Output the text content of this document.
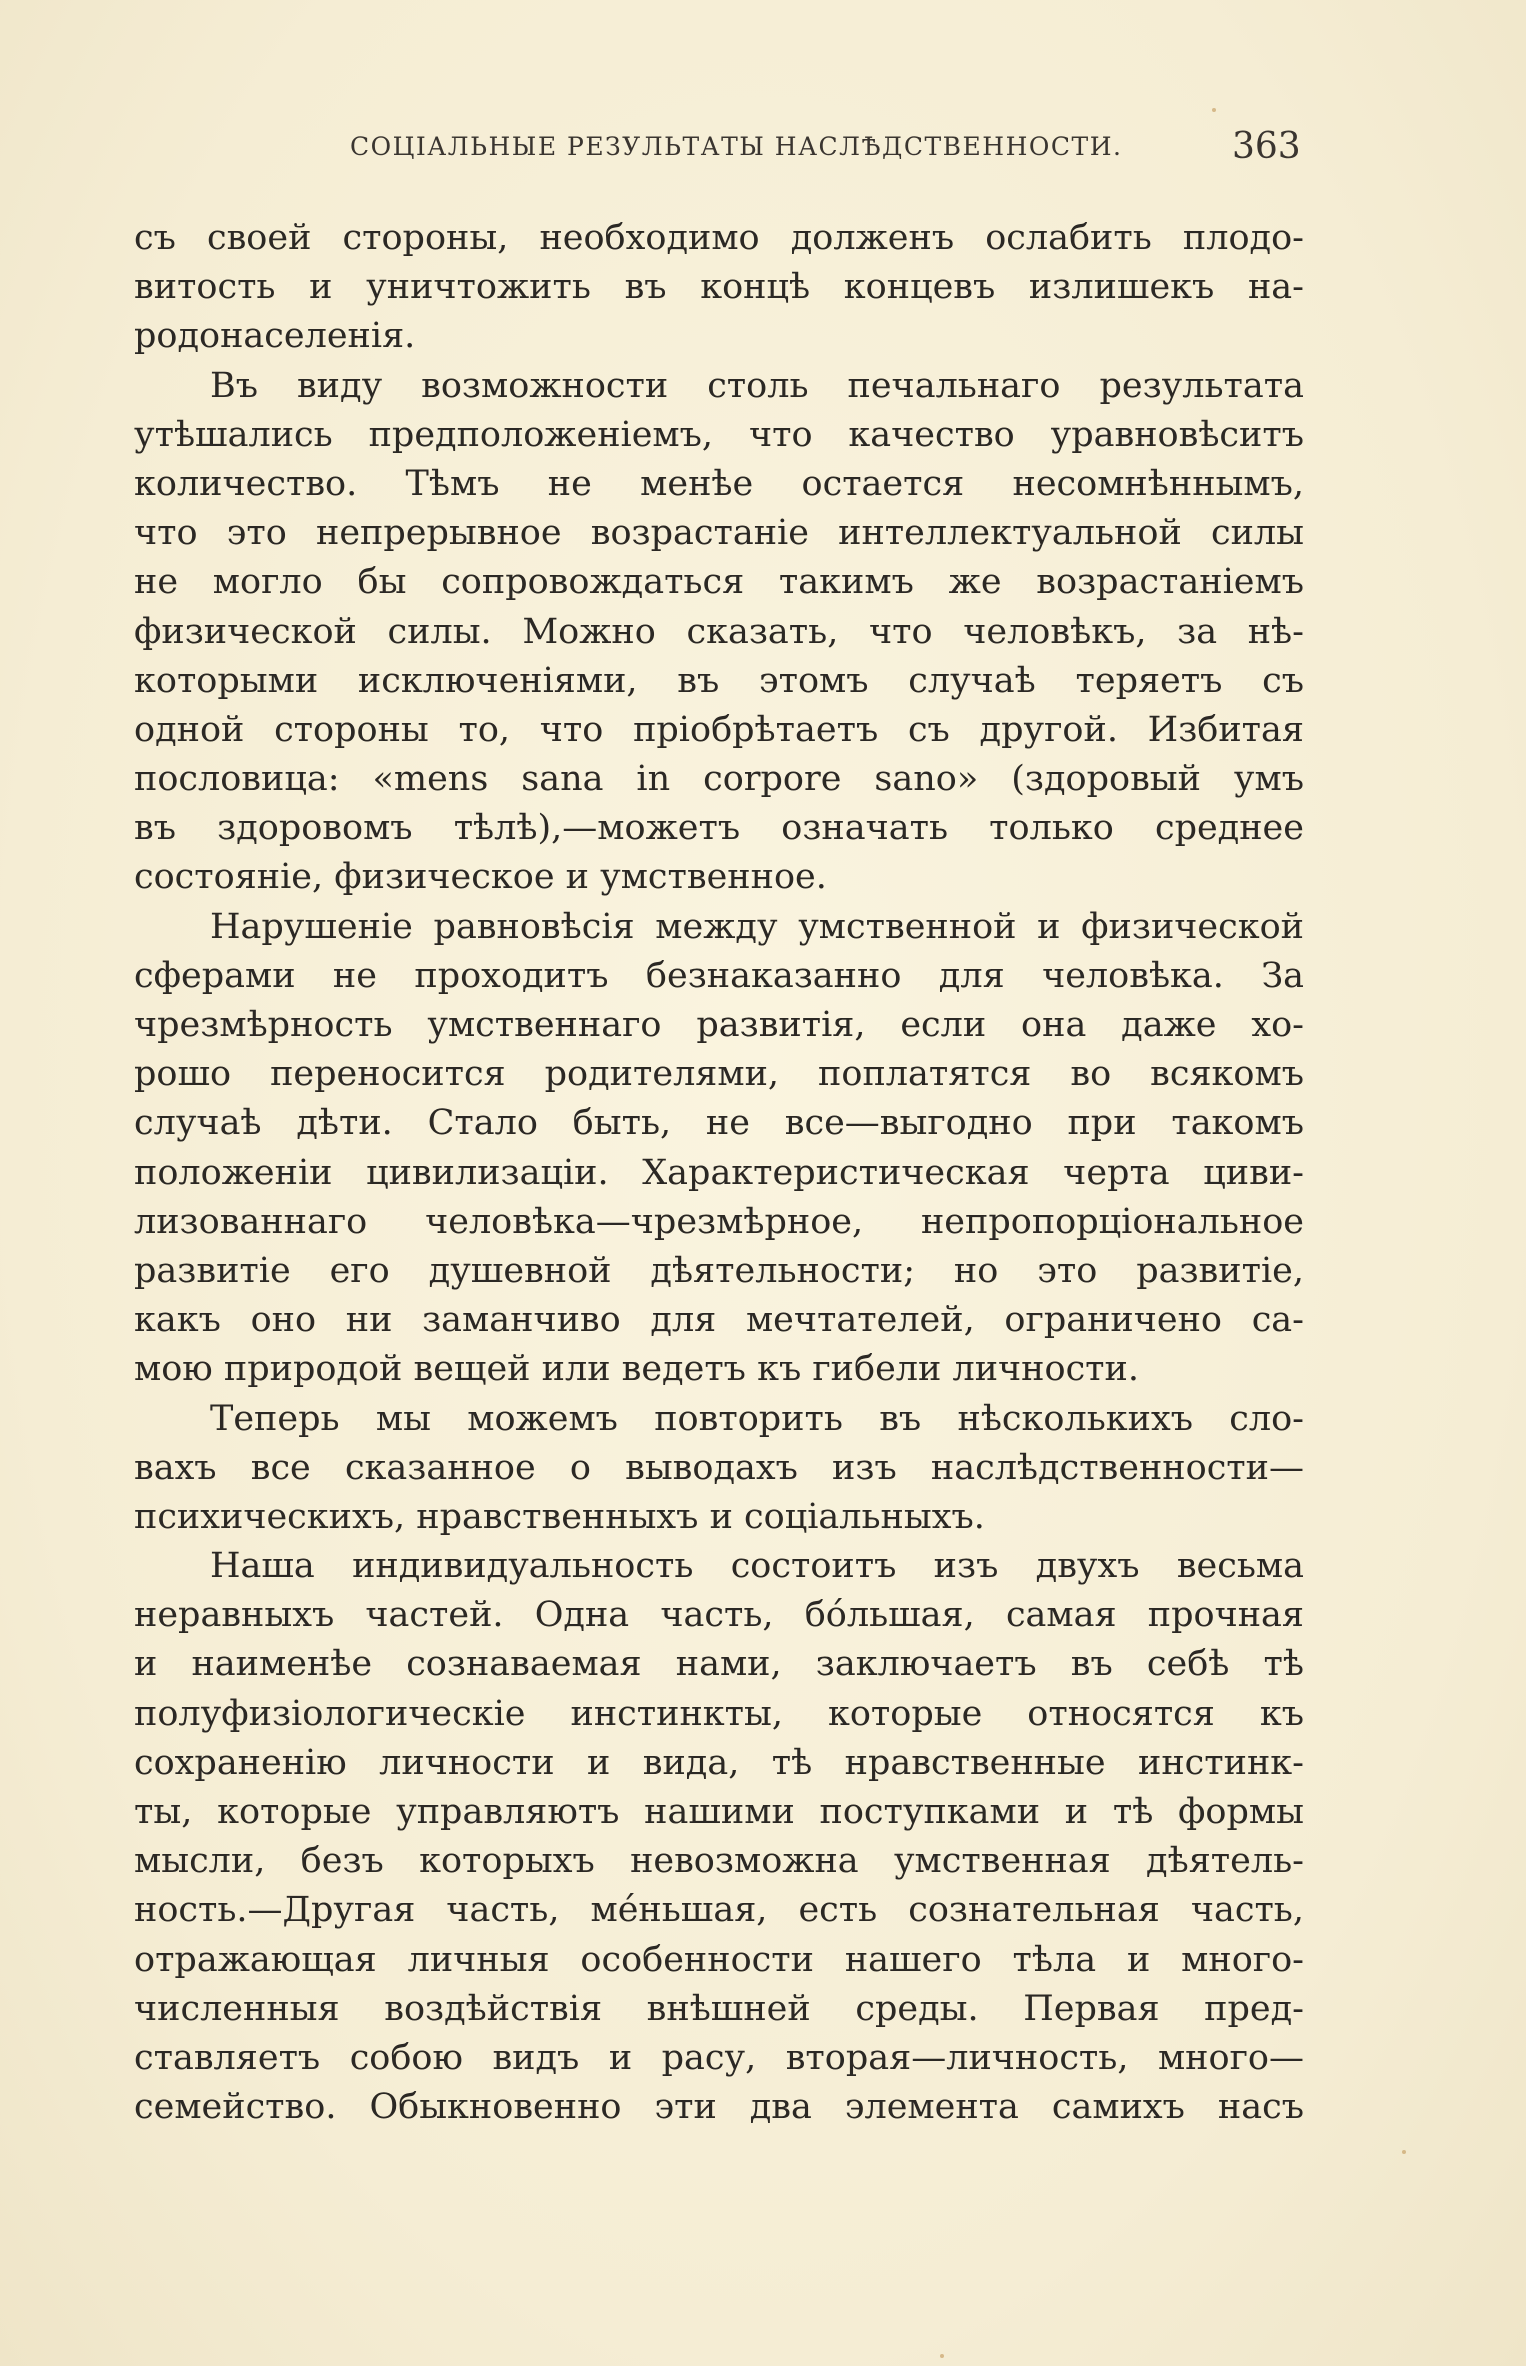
СОЦІАЛЬНЫЕ РЕЗУЛЬТАТЫ НАСЛѢДСТВЕННОСТИ.	363
съ своей стороны, необходимо долженъ ослабить плодо-
витость и уничтожить въ концѣ концевъ излишекъ на-
родонаселенія.
Въ виду возможности столь печальнаго результата
утѣшались предположеніемъ, что качество уравновѣситъ
количество. Тѣмъ не менѣе остается несомнѣннымъ,
что это непрерывное возрастаніе интеллектуальной силы
не могло бы сопровождаться такимъ же возрастаніемъ
физической силы. Можно сказать, что человѣкъ, за нѣ-
которыми исключеніями, въ этомъ случаѣ теряетъ съ
одной стороны то, что пріобрѣтаетъ съ другой. Избитая
пословица: «mens sana in corpore sano» (здоровый умъ
въ здоровомъ тѣлѣ),—можетъ означать только среднее
состояніе, физическое и умственное.
Нарушеніе равновѣсія между умственной и физической
сферами не проходитъ безнаказанно для человѣка. За
чрезмѣрность умственнаго развитія, если она даже хо-
рошо переносится родителями, поплатятся во всякомъ
случаѣ дѣти. Стало быть, не все—выгодно при такомъ
положеніи цивилизаціи. Характеристическая черта циви-
лизованнаго человѣка—чрезмѣрное, непропорціональное
развитіе его душевной дѣятельности; но это развитіе,
какъ оно ни заманчиво для мечтателей, ограничено са-
мою природой вещей или ведетъ къ гибели личности.
Теперь мы можемъ повторить въ нѣсколькихъ сло-
вахъ все сказанное о выводахъ изъ наслѣдственности—
психическихъ, нравственныхъ и соціальныхъ.
Наша индивидуальность состоитъ изъ двухъ весьма
неравныхъ частей. Одна часть, бо́льшая, самая прочная
и наименѣе сознаваемая нами, заключаетъ въ себѣ тѣ
полуфизіологическіе инстинкты, которые относятся къ
сохраненію личности и вида, тѣ нравственные инстинк-
ты, которые управляютъ нашими поступками и тѣ формы
мысли, безъ которыхъ невозможна умственная дѣятель-
ность.—Другая часть, ме́ньшая, есть сознательная часть,
отражающая личныя особенности нашего тѣла и много-
численныя воздѣйствія внѣшней среды. Первая пред-
ставляетъ собою видъ и расу, вторая—личность, много—
семейство. Обыкновенно эти два элемента самихъ насъ
